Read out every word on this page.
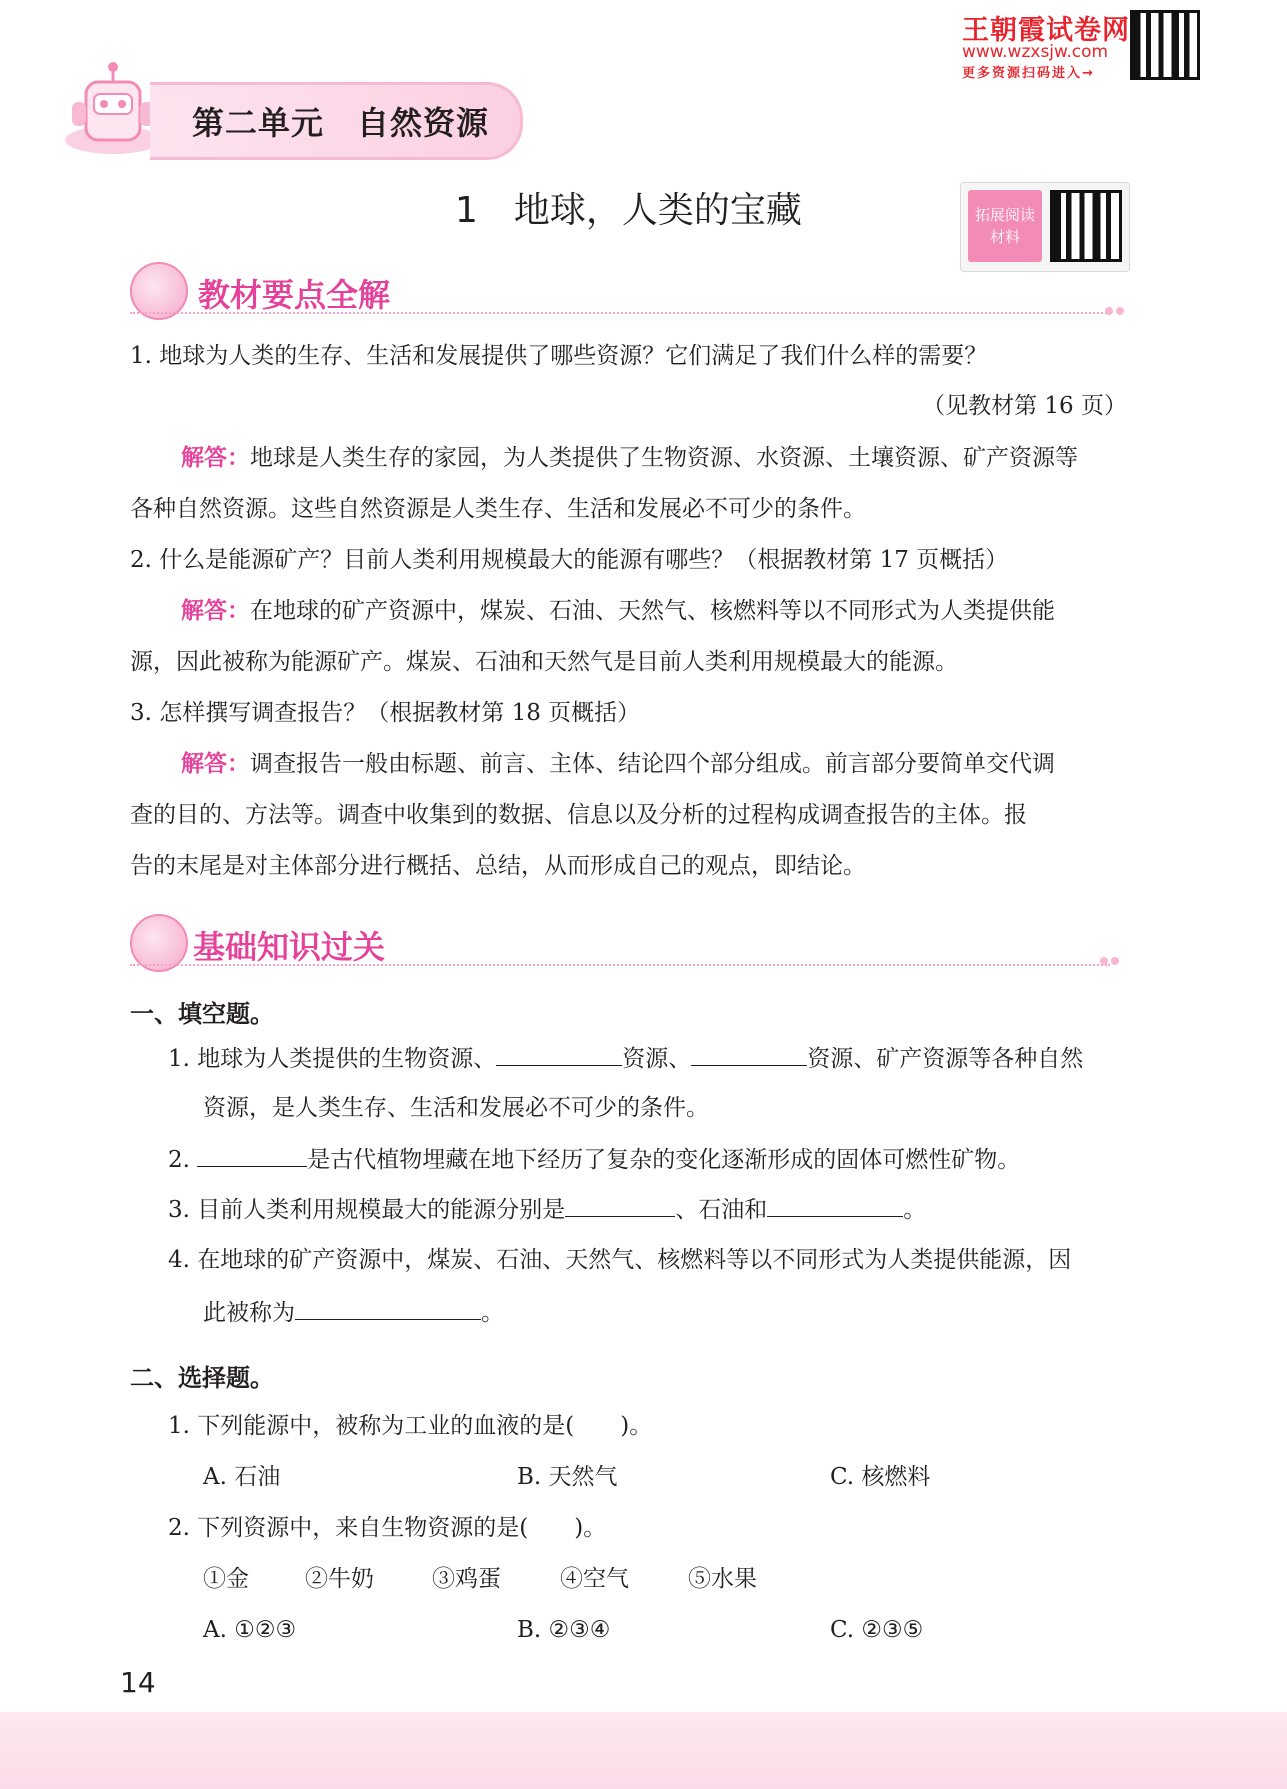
王朝霞试卷网
www.wzxsjw.com
更多资源扫码进入→
第二单元　自然资源
1　地球，人类的宝藏	拓展阅读
材料
教材要点全解
1. 地球为人类的生存、生活和发展提供了哪些资源？它们满足了我们什么样的需要？
（见教材第 16 页）
解答：地球是人类生存的家园，为人类提供了生物资源、水资源、土壤资源、矿产资源等
各种自然资源。这些自然资源是人类生存、生活和发展必不可少的条件。
2. 什么是能源矿产？目前人类利用规模最大的能源有哪些？（根据教材第 17 页概括）
解答：在地球的矿产资源中，煤炭、石油、天然气、核燃料等以不同形式为人类提供能
源，因此被称为能源矿产。煤炭、石油和天然气是目前人类利用规模最大的能源。
3. 怎样撰写调查报告？（根据教材第 18 页概括）
解答：调查报告一般由标题、前言、主体、结论四个部分组成。前言部分要简单交代调
查的目的、方法等。调查中收集到的数据、信息以及分析的过程构成调查报告的主体。报
告的末尾是对主体部分进行概括、总结，从而形成自己的观点，即结论。
基础知识过关
一、填空题。
1. 地球为人类提供的生物资源、	资源、	资源、矿产资源等各种自然
资源，是人类生存、生活和发展必不可少的条件。
2.	是古代植物埋藏在地下经历了复杂的变化逐渐形成的固体可燃性矿物。
3. 目前人类利用规模最大的能源分别是	、石油和	。
4. 在地球的矿产资源中，煤炭、石油、天然气、核燃料等以不同形式为人类提供能源，因
此被称为	。
二、选择题。
1. 下列能源中，被称为工业的血液的是(　　)。
A. 石油	B. 天然气	C. 核燃料
2. 下列资源中，来自生物资源的是(　　)。
①金 ②牛奶	③鸡蛋	④空气	⑤水果
A. ①②③	B. ②③④	C. ②③⑤
14
